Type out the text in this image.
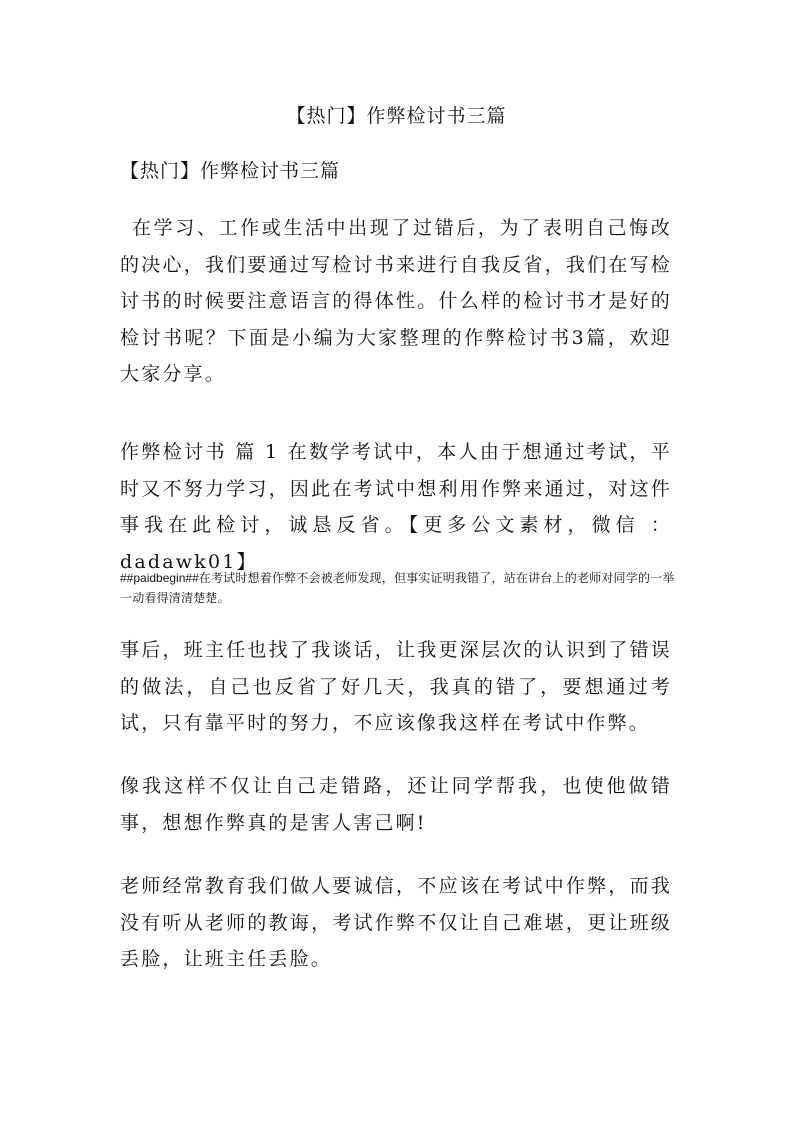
【热门】作弊检讨书三篇
【热门】作弊检讨书三篇

在学习、工作或生活中出现了过错后，为了表明自己悔改的决心，我们要通过写检讨书来进行自我反省，我们在写检讨书的时候要注意语言的得体性。什么样的检讨书才是好的检讨书呢？下面是小编为大家整理的作弊检讨书3篇，欢迎大家分享。

作弊检讨书 篇 1 在数学考试中，本人由于想通过考试，平时又不努力学习，因此在考试中想利用作弊来通过，对这件事我在此检讨，诚恳反省。【更多公文素材，微信 ：dadawk01】

##paidbegin##在考试时想着作弊不会被老师发现，但事实证明我错了，站在讲台上的老师对同学的一举一动看得清清楚楚。

事后，班主任也找了我谈话，让我更深层次的认识到了错误的做法，自己也反省了好几天，我真的错了，要想通过考试，只有靠平时的努力，不应该像我这样在考试中作弊。

像我这样不仅让自己走错路，还让同学帮我，也使他做错事，想想作弊真的是害人害己啊!

老师经常教育我们做人要诚信，不应该在考试中作弊，而我没有听从老师的教诲，考试作弊不仅让自己难堪，更让班级丢脸，让班主任丢脸。
